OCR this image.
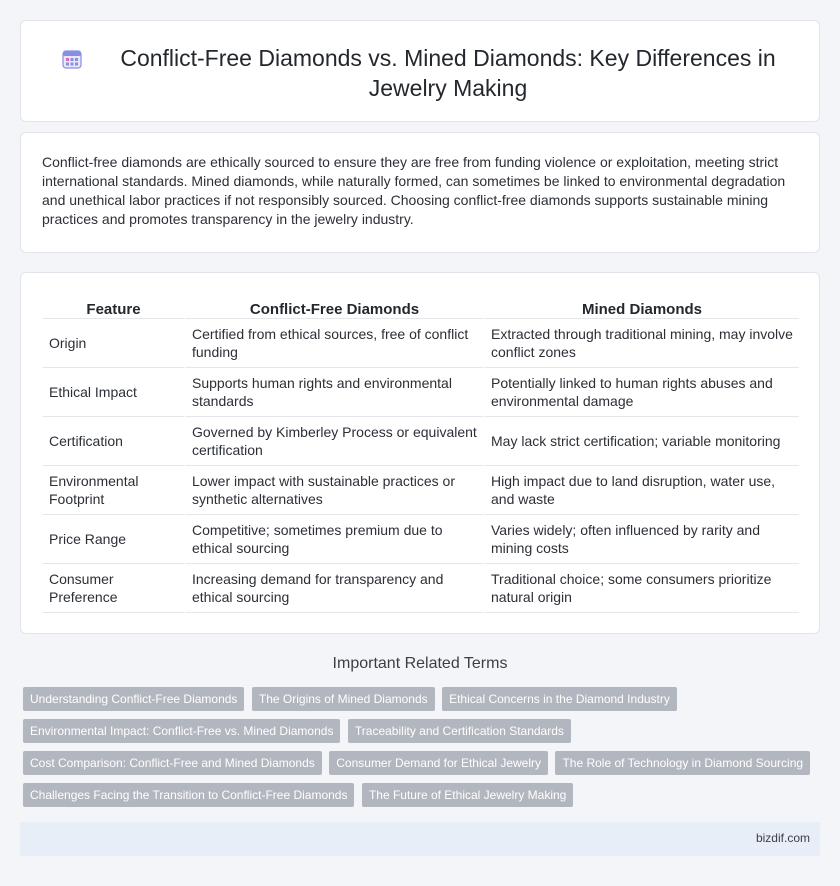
Conflict-Free Diamonds vs. Mined Diamonds: Key Differences in Jewelry Making

Conflict-free diamonds are ethically sourced to ensure they are free from funding violence or exploitation, meeting strict international standards. Mined diamonds, while naturally formed, can sometimes be linked to environmental degradation and unethical labor practices if not responsibly sourced. Choosing conflict-free diamonds supports sustainable mining practices and promotes transparency in the jewelry industry.

Feature	Conflict-Free Diamonds	Mined Diamonds
Origin	Certified from ethical sources, free of conflict funding	Extracted through traditional mining, may involve conflict zones
Ethical Impact	Supports human rights and environmental standards	Potentially linked to human rights abuses and environmental damage
Certification	Governed by Kimberley Process or equivalent certification	May lack strict certification; variable monitoring
Environmental Footprint	Lower impact with sustainable practices or synthetic alternatives	High impact due to land disruption, water use, and waste
Price Range	Competitive; sometimes premium due to ethical sourcing	Varies widely; often influenced by rarity and mining costs
Consumer Preference	Increasing demand for transparency and ethical sourcing	Traditional choice; some consumers prioritize natural origin
Important Related Terms
Understanding Conflict-Free Diamonds The Origins of Mined Diamonds Ethical Concerns in the Diamond Industry
Environmental Impact: Conflict-Free vs. Mined Diamonds Traceability and Certification Standards
Cost Comparison: Conflict-Free and Mined Diamonds Consumer Demand for Ethical Jewelry The Role of Technology in Diamond Sourcing
Challenges Facing the Transition to Conflict-Free Diamonds The Future of Ethical Jewelry Making
bizdif.com
